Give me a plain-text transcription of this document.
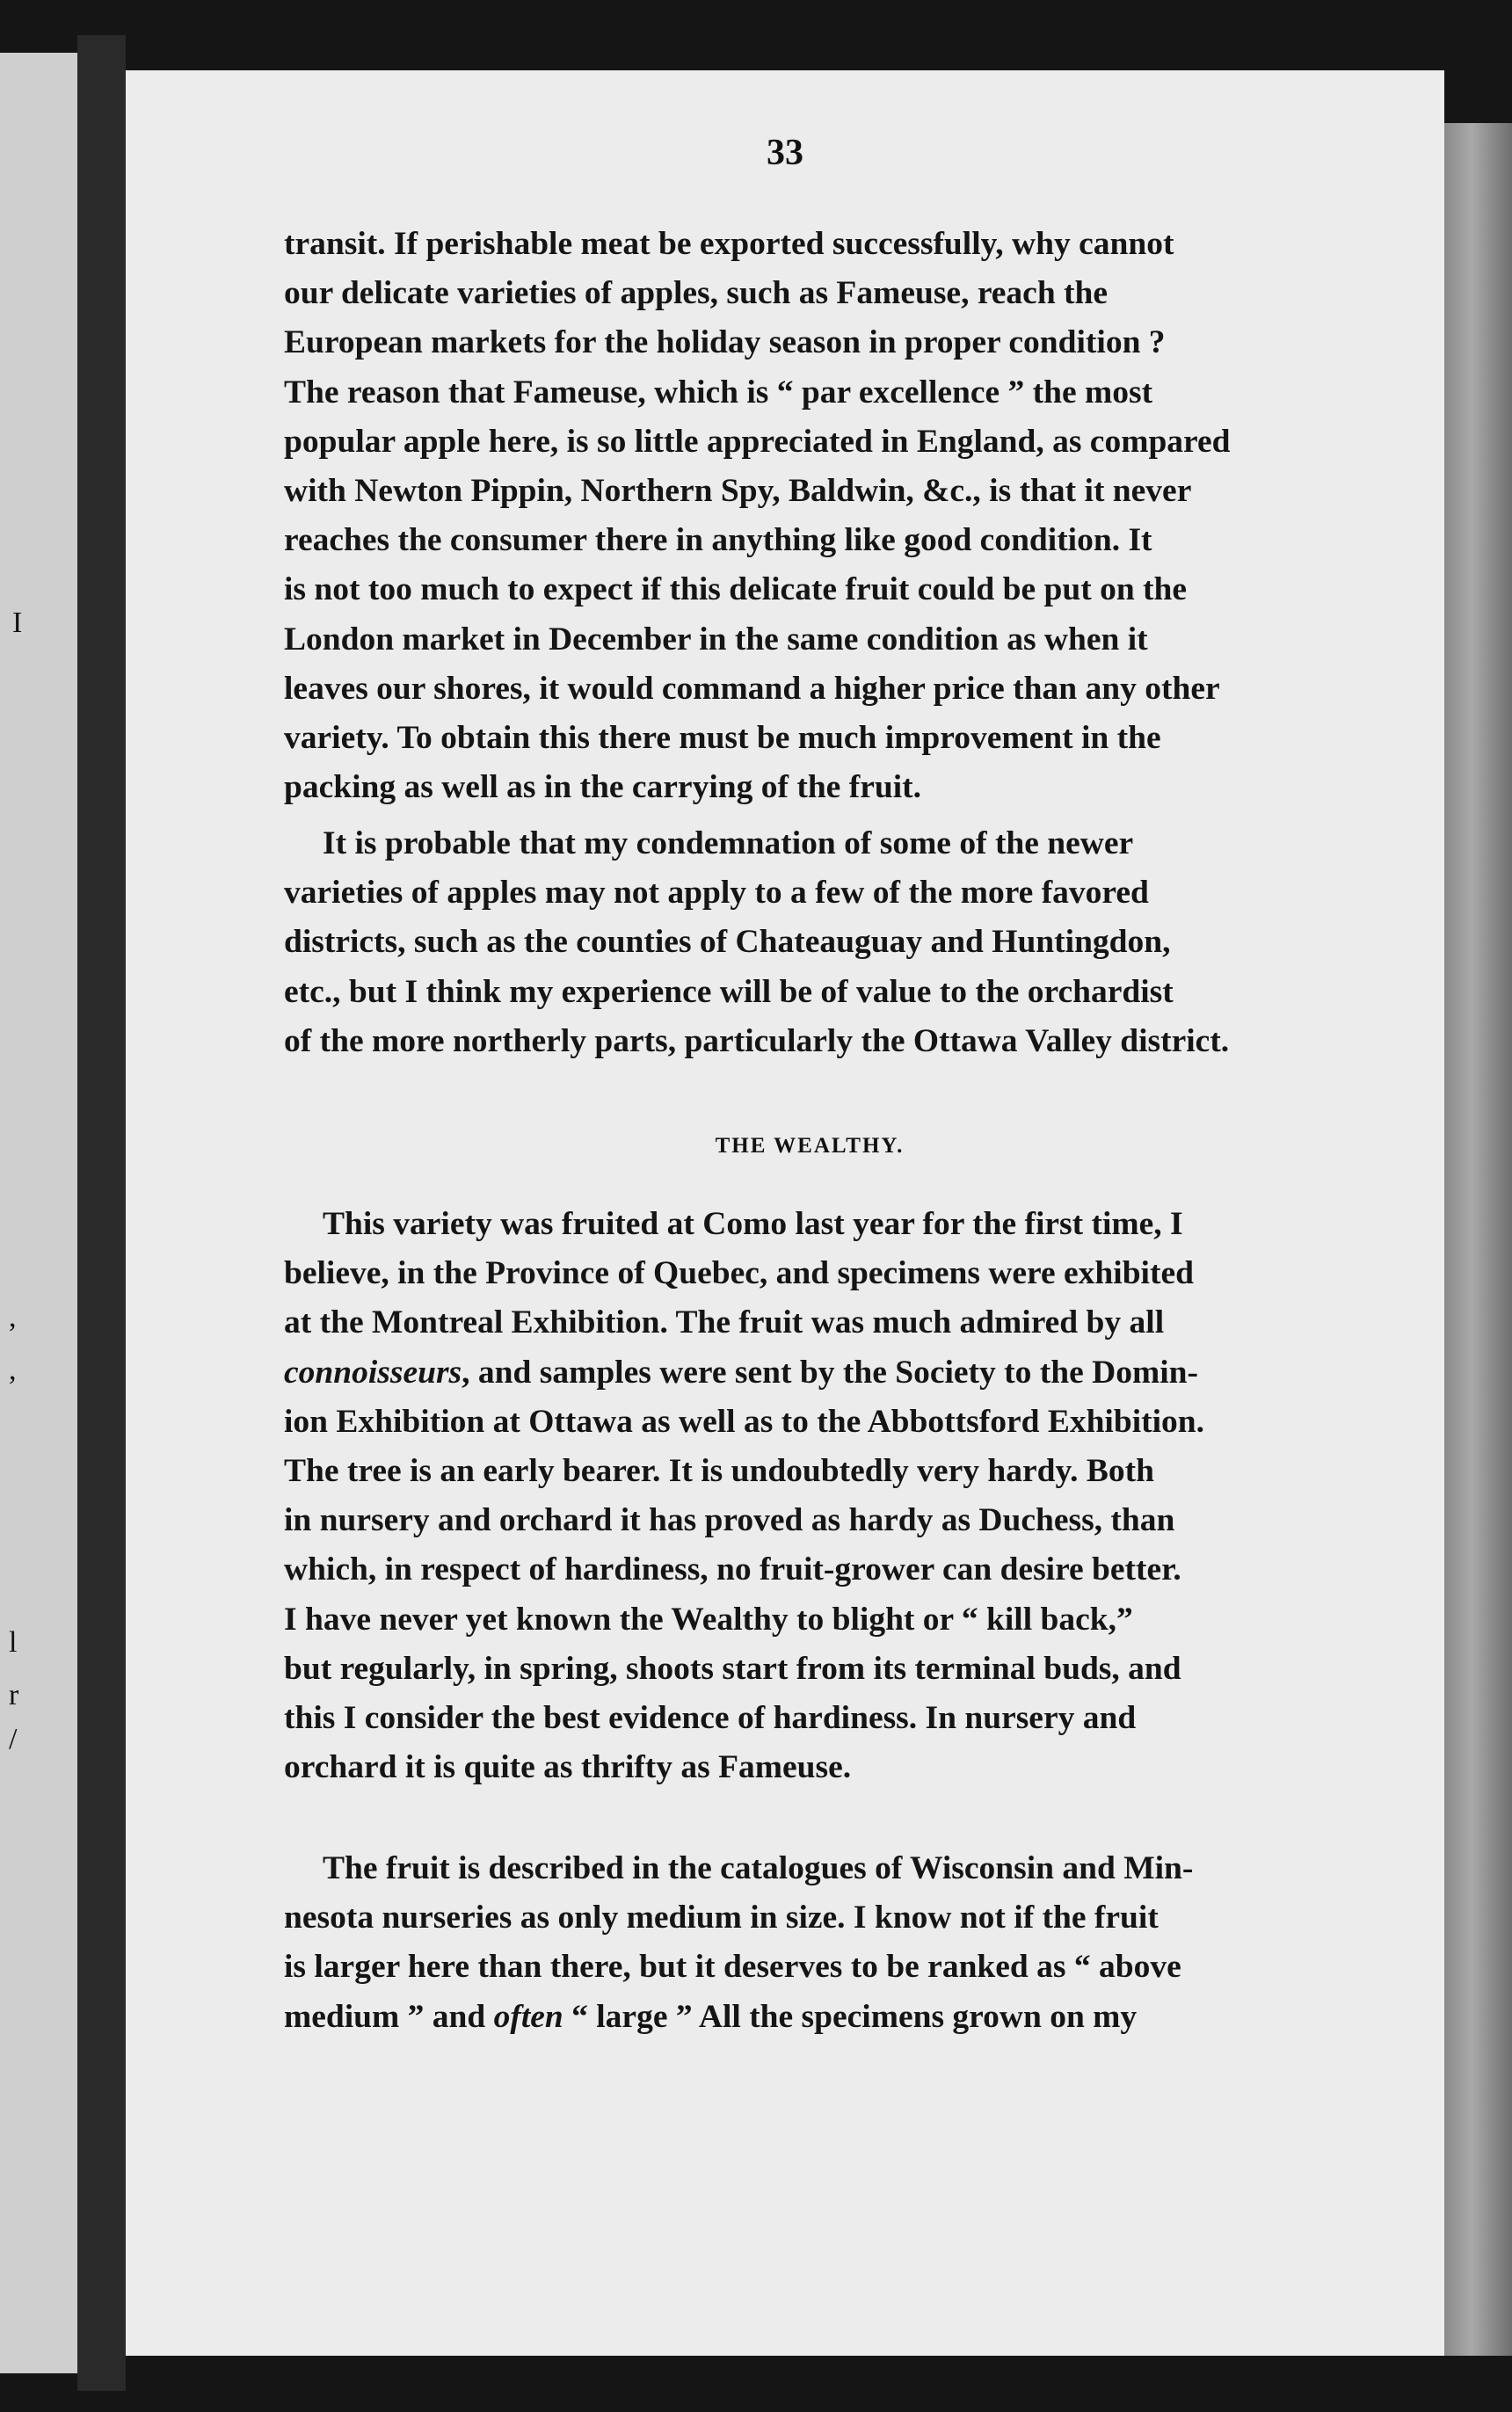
I
,
,
l
r
/
33
transit. If perishable meat be exported successfully, why cannot
our delicate varieties of apples, such as Fameuse, reach the
European markets for the holiday season in proper condition ?
The reason that Fameuse, which is “ par excellence ” the most
popular apple here, is so little appreciated in England, as compared
with Newton Pippin, Northern Spy, Baldwin, &c., is that it never
reaches the consumer there in anything like good condition. It
is not too much to expect if this delicate fruit could be put on the
London market in December in the same condition as when it
leaves our shores, it would command a higher price than any other
variety. To obtain this there must be much improvement in the
packing as well as in the carrying of the fruit.
It is probable that my condemnation of some of the newer
varieties of apples may not apply to a few of the more favored
districts, such as the counties of Chateauguay and Huntingdon,
etc., but I think my experience will be of value to the orchardist
of the more northerly parts, particularly the Ottawa Valley district.
THE WEALTHY.
This variety was fruited at Como last year for the first time, I
believe, in the Province of Quebec, and specimens were exhibited
at the Montreal Exhibition. The fruit was much admired by all
connoisseurs, and samples were sent by the Society to the Domin-
ion Exhibition at Ottawa as well as to the Abbottsford Exhibition.
The tree is an early bearer. It is undoubtedly very hardy. Both
in nursery and orchard it has proved as hardy as Duchess, than
which, in respect of hardiness, no fruit-grower can desire better.
I have never yet known the Wealthy to blight or “ kill back,”
but regularly, in spring, shoots start from its terminal buds, and
this I consider the best evidence of hardiness. In nursery and
orchard it is quite as thrifty as Fameuse.
The fruit is described in the catalogues of Wisconsin and Min-
nesota nurseries as only medium in size. I know not if the fruit
is larger here than there, but it deserves to be ranked as “ above
medium ” and often “ large ” All the specimens grown on my
